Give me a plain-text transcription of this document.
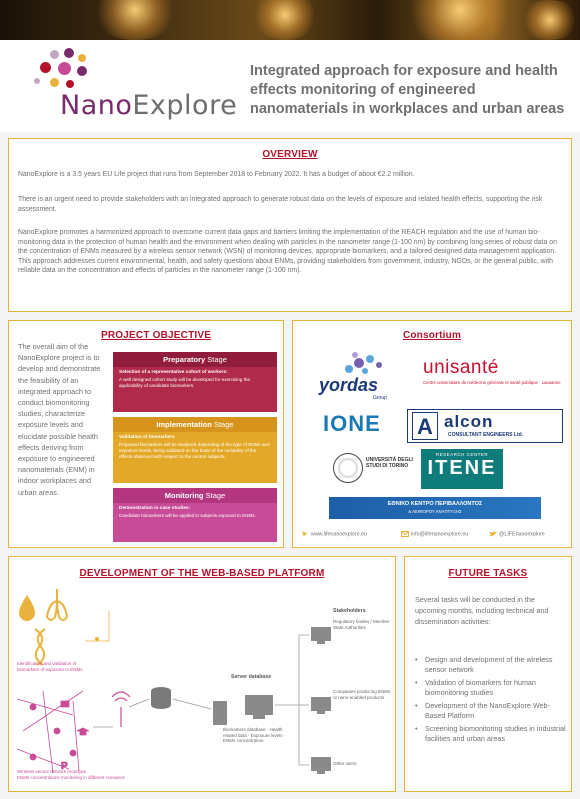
NanoExplore
Integrated approach for exposure and health effects monitoring of engineered nanomaterials in workplaces and urban areas
OVERVIEW
NanoExplore is a 3.5 years EU Life project that runs from September 2018 to February 2022. It has a budget of about €2.2 million.
There is an urgent need to provide stakeholders with an integrated approach to generate robust data on the levels of exposure and related health effects, supporting the risk assessment.
NanoExplore promotes a harmonized approach to overcome current data gaps and barriers limiting the implementation of the REACH regulation and the use of human bio-monitoring data in the protection of human health and the environment when dealing with particles in the nanometer range (1-100 nm) by combining long series of robust data on the concentration of ENMs measured by a wireless sensor network (WSN) of monitoring devices, appropriate biomarkers, and a tailored designed data management application. This approach addresses current environmental, health, and safety questions about ENMs, providing stakeholders from government, industry, NGOs, or the general public, with reliable data on the concentration and effects of particles in the nanometer range (1-100 nm).
PROJECT OBJECTIVE
The overall aim of the NanoExplore project is to develop and demonstrate the feasibility of an integrated approach to conduct biomonitoring studies, characterize exposure levels and elucidate possible health effects deriving from exposure to engineered nanomaterials (ENM) in indoor workplaces and urban areas.
Preparatory Stage
Selection of a representative cohort of workers:
A well designed cohort study will be developed for exercising the applicability of candidate biomarkers.
Implementation Stage
Validation of biomarkers
Proposed biomarkers will be analysed depending of the type of ENMs and exposure levels, being validated on the basis of the variability of the effects observed with respect to the control subjects.
Monitoring Stage
Demonstration in case studies:
Candidate biomarkers will be applied in subjects exposed to ENMs.
Consortium
yordas
Group
unisanté
Centre universitaire de médecine générale et santé publique · Lausanne
IONE	A alcon
CONSULTANT ENGINEERS Ltd.
UNIVERSITÀ DEGLI STUDI DI TORINO
RESEARCH CENTER
ITENE
ΕΘΝΙΚΟ ΚΕΝΤΡΟ ΠΕΡΙΒΑΛΛΟΝΤΟΣ
& ΑΕΙΦΟΡΟΥ ΑΝΑΠΤΥΞΗΣ
www.lifenanoexplore.eu	info@lifenanoexplore.eu	@LIFEnanoexplore
DEVELOPMENT OF THE WEB-BASED PLATFORM
P
Identification and validation of biomarkers of exposure to ENMs
Wireless sensor network prototype
ENMs concentrations monitoring in different scenarios
Server database
Biomarkers database · Health related data · Exposure levels · ENMs concentration
Stakeholders
Regulatory bodies / Member State Authorities
Companies producing ENMs or nano-enabled products
Other users
FUTURE TASKS
Several tasks will be conducted in the upcoming months, including technical and dissemination activities:
• Design and development of the wireless sensor network
• Validation of biomarkers for human biomonitoring studies
• Development of the NanoExplore Web-Based Platform
• Screening biomonitoring studies in industrial facilities and urban areas
